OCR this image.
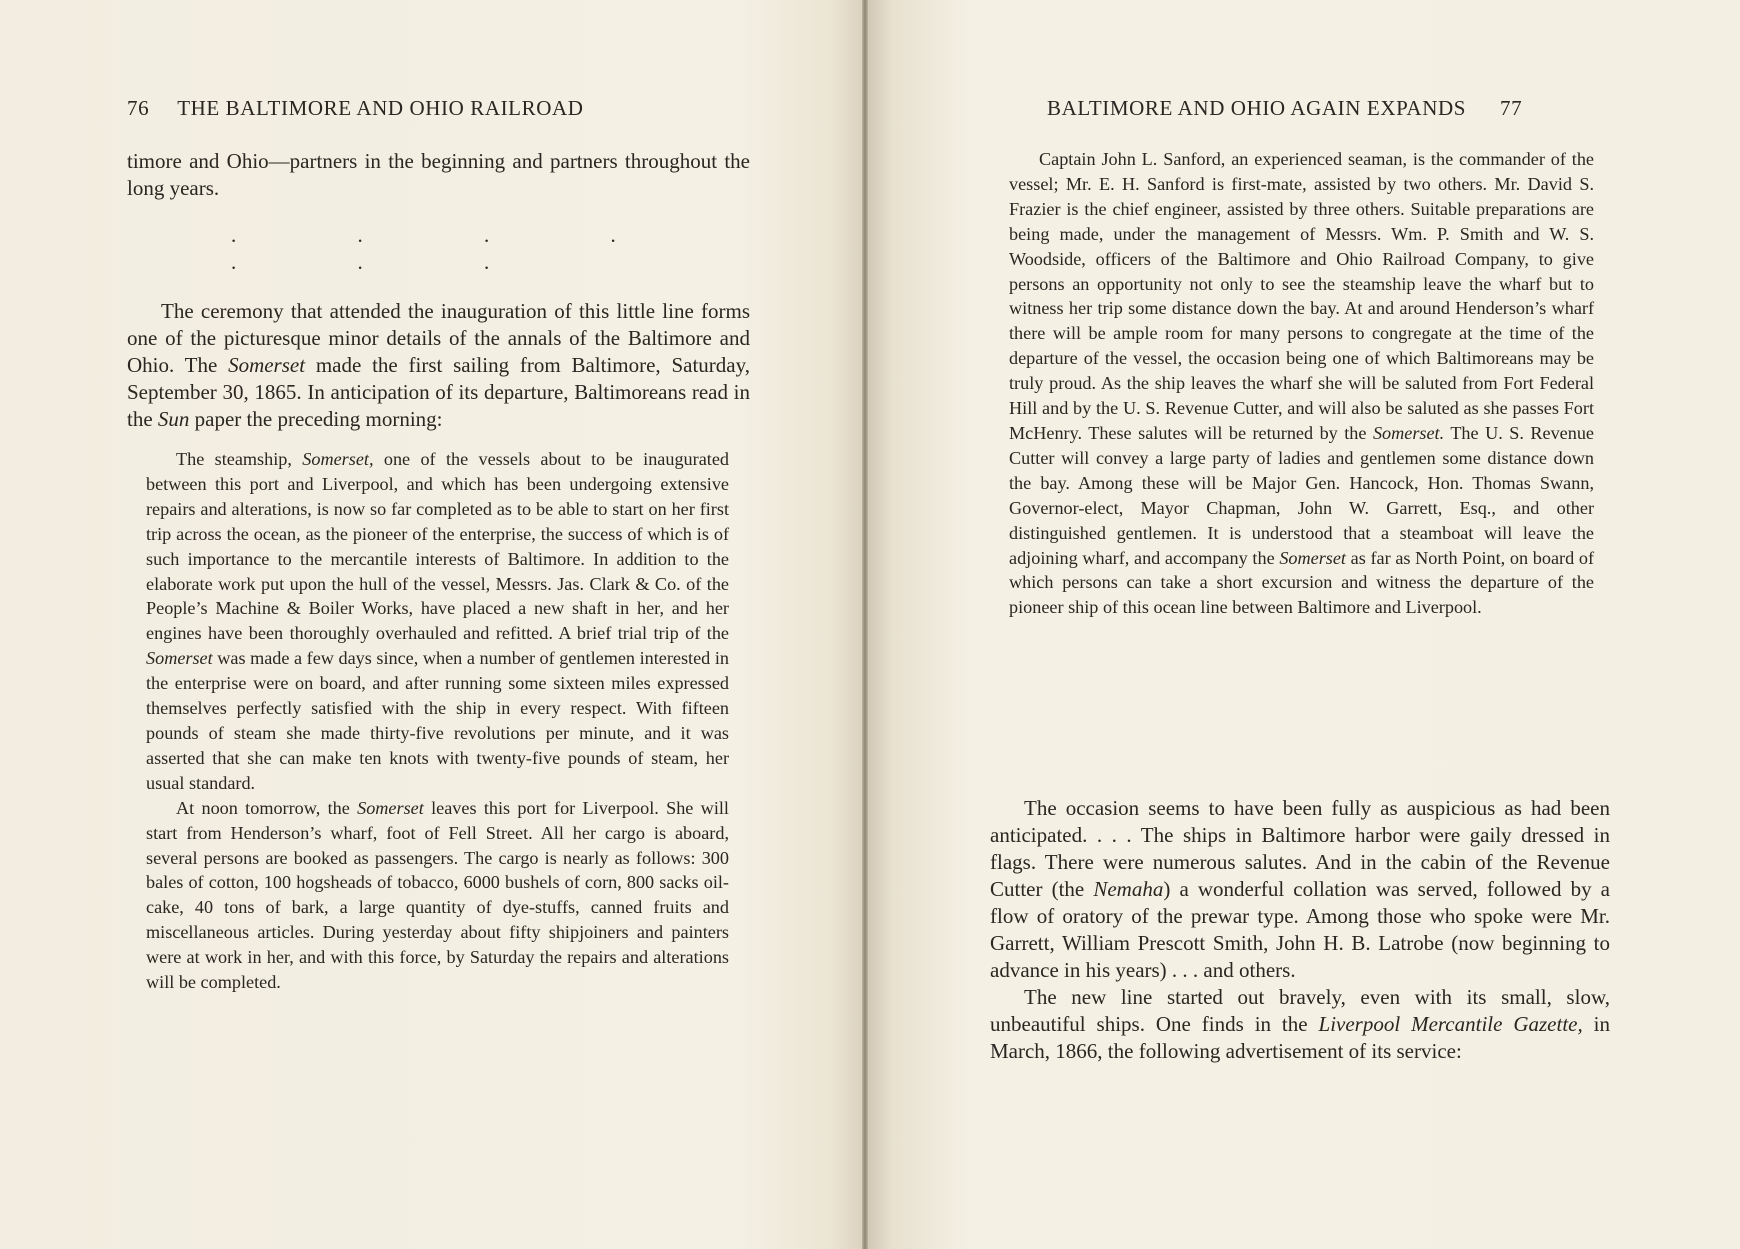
76 THE BALTIMORE AND OHIO RAILROAD

timore and Ohio—partners in the beginning and partners throughout the long years.

. . . . . . .

The ceremony that attended the inauguration of this little line forms one of the picturesque minor details of the annals of the Baltimore and Ohio. The Somerset made the first sailing from Baltimore, Saturday, September 30, 1865. In anticipation of its departure, Baltimoreans read in the Sun paper the preceding morning:

The steamship, Somerset, one of the vessels about to be inaugurated between this port and Liverpool, and which has been undergoing extensive repairs and alterations, is now so far completed as to be able to start on her first trip across the ocean, as the pioneer of the enterprise, the success of which is of such importance to the mercantile interests of Baltimore. In addition to the elaborate work put upon the hull of the vessel, Messrs. Jas. Clark & Co. of the People’s Machine & Boiler Works, have placed a new shaft in her, and her engines have been thoroughly overhauled and refitted. A brief trial trip of the Somerset was made a few days since, when a number of gentlemen interested in the enterprise were on board, and after running some sixteen miles expressed themselves perfectly satisfied with the ship in every respect. With fifteen pounds of steam she made thirty-five revolutions per minute, and it was asserted that she can make ten knots with twenty-five pounds of steam, her usual standard.

At noon tomorrow, the Somerset leaves this port for Liverpool. She will start from Henderson’s wharf, foot of Fell Street. All her cargo is aboard, several persons are booked as passengers. The cargo is nearly as follows: 300 bales of cotton, 100 hogsheads of tobacco, 6000 bushels of corn, 800 sacks oil-cake, 40 tons of bark, a large quantity of dye-stuffs, canned fruits and miscellaneous articles. During yesterday about fifty shipjoiners and painters were at work in her, and with this force, by Saturday the repairs and alterations will be completed.

BALTIMORE AND OHIO AGAIN EXPANDS 77

Captain John L. Sanford, an experienced seaman, is the commander of the vessel; Mr. E. H. Sanford is first-mate, assisted by two others. Mr. David S. Frazier is the chief engineer, assisted by three others. Suitable preparations are being made, under the management of Messrs. Wm. P. Smith and W. S. Woodside, officers of the Baltimore and Ohio Railroad Company, to give persons an opportunity not only to see the steamship leave the wharf but to witness her trip some distance down the bay. At and around Henderson’s wharf there will be ample room for many persons to congregate at the time of the departure of the vessel, the occasion being one of which Baltimoreans may be truly proud. As the ship leaves the wharf she will be saluted from Fort Federal Hill and by the U. S. Revenue Cutter, and will also be saluted as she passes Fort McHenry. These salutes will be returned by the Somerset. The U. S. Revenue Cutter will convey a large party of ladies and gentlemen some distance down the bay. Among these will be Major Gen. Hancock, Hon. Thomas Swann, Governor-elect, Mayor Chapman, John W. Garrett, Esq., and other distinguished gentlemen. It is understood that a steamboat will leave the adjoining wharf, and accompany the Somerset as far as North Point, on board of which persons can take a short excursion and witness the departure of the pioneer ship of this ocean line between Baltimore and Liverpool.

The occasion seems to have been fully as auspicious as had been anticipated. . . . The ships in Baltimore harbor were gaily dressed in flags. There were numerous salutes. And in the cabin of the Revenue Cutter (the Nemaha) a wonderful collation was served, followed by a flow of oratory of the prewar type. Among those who spoke were Mr. Garrett, William Prescott Smith, John H. B. Latrobe (now beginning to advance in his years) . . . and others.

The new line started out bravely, even with its small, slow, unbeautiful ships. One finds in the Liverpool Mercantile Gazette, in March, 1866, the following advertisement of its service:
